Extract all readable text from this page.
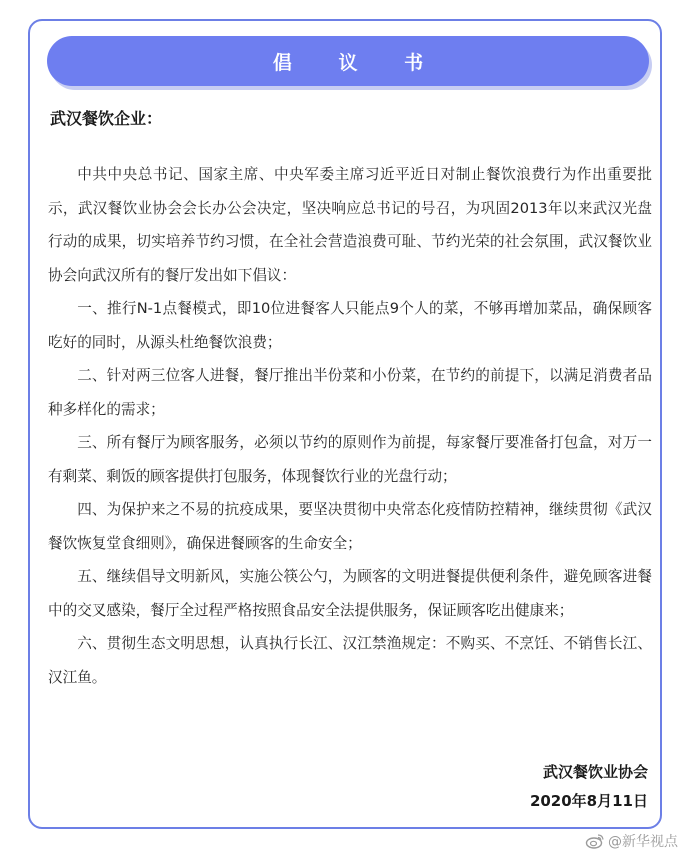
倡 议 书
武汉餐饮企业：

中共中央总书记、国家主席、中央军委主席习近平近日对制止餐饮浪费行为作出重要批示，武汉餐饮业协会会长办公会决定，坚决响应总书记的号召，为巩固2013年以来武汉光盘行动的成果，切实培养节约习惯，在全社会营造浪费可耻、节约光荣的社会氛围，武汉餐饮业协会向武汉所有的餐厅发出如下倡议：

一、推行N-1点餐模式，即10位进餐客人只能点9个人的菜，不够再增加菜品，确保顾客吃好的同时，从源头杜绝餐饮浪费；

二、针对两三位客人进餐，餐厅推出半份菜和小份菜，在节约的前提下，以满足消费者品种多样化的需求；

三、所有餐厅为顾客服务，必须以节约的原则作为前提，每家餐厅要准备打包盒，对万一有剩菜、剩饭的顾客提供打包服务，体现餐饮行业的光盘行动；

四、为保护来之不易的抗疫成果，要坚决贯彻中央常态化疫情防控精神，继续贯彻《武汉餐饮恢复堂食细则》，确保进餐顾客的生命安全；

五、继续倡导文明新风，实施公筷公勺，为顾客的文明进餐提供便利条件，避免顾客进餐中的交叉感染，餐厅全过程严格按照食品安全法提供服务，保证顾客吃出健康来；

六、贯彻生态文明思想，认真执行长江、汉江禁渔规定：不购买、不烹饪、不销售长江、汉江鱼。

武汉餐饮业协会
2020年8月11日
@新华视点
